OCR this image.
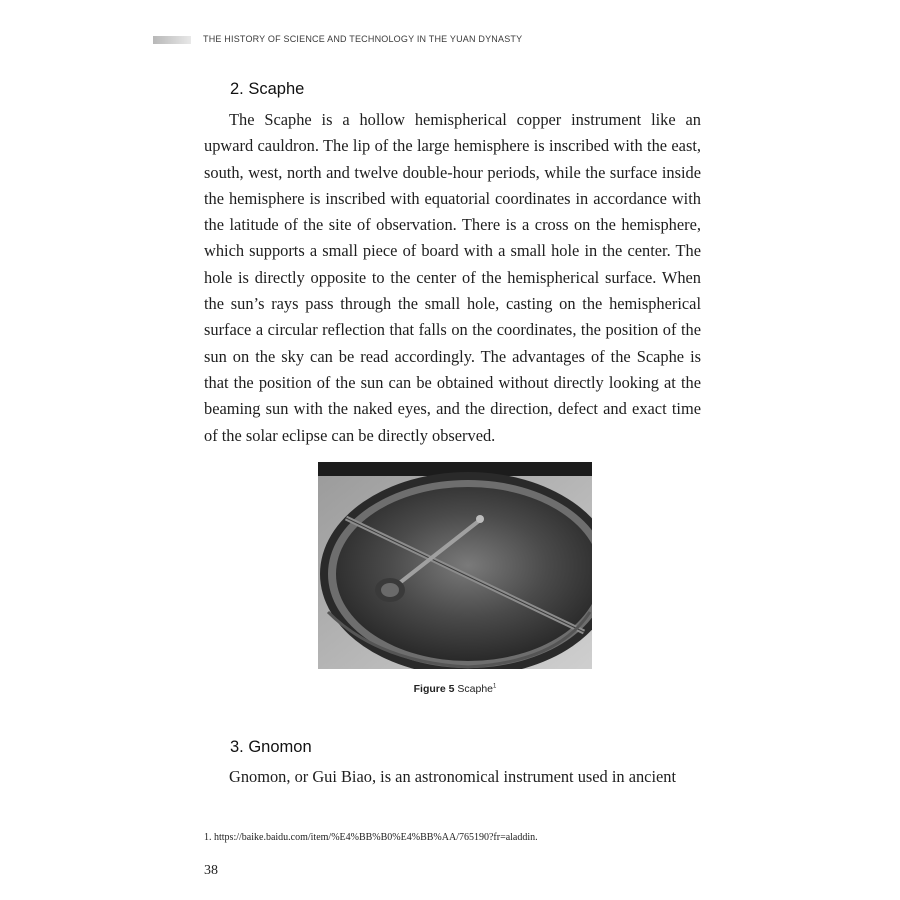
THE HISTORY OF SCIENCE AND TECHNOLOGY IN THE YUAN DYNASTY
2. Scaphe

The Scaphe is a hollow hemispherical copper instrument like an upward cauldron. The lip of the large hemisphere is inscribed with the east, south, west, north and twelve double-hour periods, while the surface inside the hemisphere is inscribed with equatorial coordinates in accordance with the latitude of the site of observation. There is a cross on the hemisphere, which supports a small piece of board with a small hole in the center. The hole is directly opposite to the center of the hemispherical surface. When the sun’s rays pass through the small hole, casting on the hemispherical surface a circular reflection that falls on the coordinates, the position of the sun on the sky can be read accordingly. The advantages of the Scaphe is that the position of the sun can be obtained without directly looking at the beaming sun with the naked eyes, and the direction, defect and exact time of the solar eclipse can be directly observed.

Figure 5 Scaphe$^1$
3. Gnomon

Gnomon, or Gui Biao, is an astronomical instrument used in ancient

1. https://baike.baidu.com/item/%E4%BB%B0%E4%BB%AA/765190?fr=aladdin.
38
